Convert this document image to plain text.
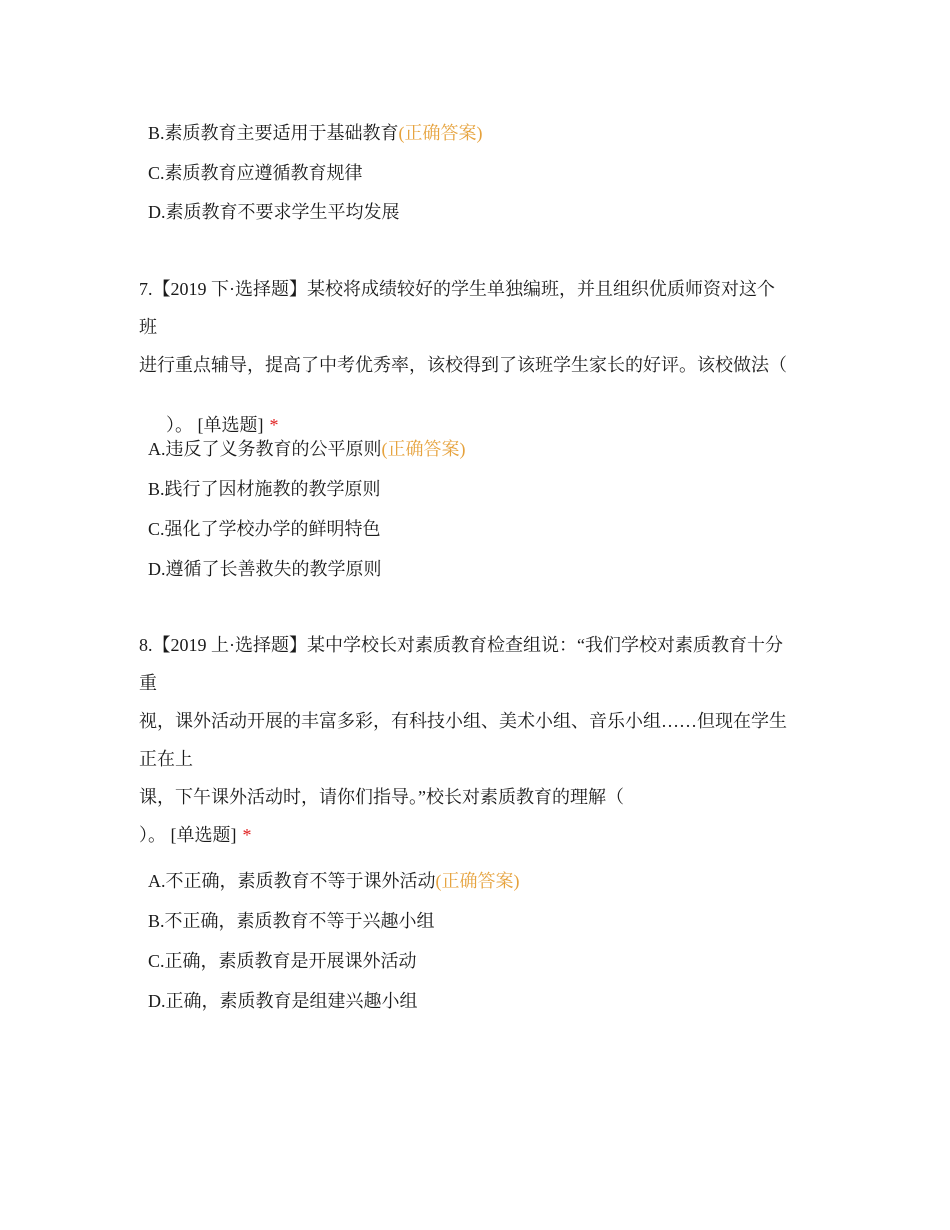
B.素质教育主要适用于基础教育(正确答案)
C.素质教育应遵循教育规律
D.素质教育不要求学生平均发展
7.【2019 下·选择题】某校将成绩较好的学生单独编班，并且组织优质师资对这个
班
进行重点辅导，提高了中考优秀率，该校得到了该班学生家长的好评。该校做法（

）。 [单选题] *

A.违反了义务教育的公平原则(正确答案)
B.践行了因材施教的教学原则
C.强化了学校办学的鲜明特色
D.遵循了长善救失的教学原则
8.【2019 上·选择题】某中学校长对素质教育检查组说：“我们学校对素质教育十分
重
视，课外活动开展的丰富多彩，有科技小组、美术小组、音乐小组……但现在学生
正在上
课，下午课外活动时，请你们指导。”校长对素质教育的理解（
）。 [单选题] *
A.不正确，素质教育不等于课外活动(正确答案)
B.不正确，素质教育不等于兴趣小组
C.正确，素质教育是开展课外活动
D.正确，素质教育是组建兴趣小组
